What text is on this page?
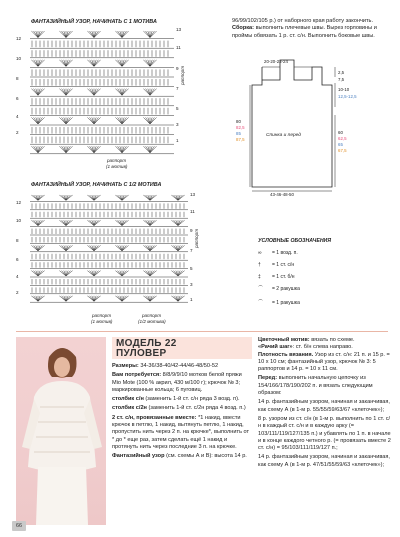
ФАНТАЗИЙНЫЙ УЗОР, НАЧИНАТЬ С 1 МОТИВА
13
11
9
7
5
3
1
12
10
8
6
4
2
раппорт
раппорт
(1 мотив)
ФАНТАЗИЙНЫЙ УЗОР, НАЧИНАТЬ С 1/2 МОТИВА
13
11
9
7
5
3
1
12
10
8
6
4
2
раппорт
раппорт
(1 мотив)
раппорт
(1/2 мотива)

96/99/102/105 р.) от наборного края работу закончить. Сборка: выполнить плечевые швы. Вырез горловины и проймы обвязать 1 р. ст. с/н. Выполнить боковые швы.

20-20-23-24
2,5
7,5
10-10
12,5-12,5
80
82,5
85
87,5
60
62,5
65
67,5
Спинка и перед
43-46-48-50
УСЛОВНЫЕ ОБОЗНАЧЕНИЯ
∞ = 1 возд. п.
† = 1 ст. с/н
‡ = 1 ст. б/н
⌒ = 2 ракушка
⌒ = 1 ракушка
МОДЕЛЬ 22
ПУЛОВЕР

Размеры: 34-36/38-40/42-44/46-48/50-52

Вам потребуется: 8/8/9/9/10 мотков белой пряжи Mio Mote (100 % акрил, 430 м/100 г); крючок № 3; маркированные кольца; 6 пуговиц.

столбик с/н (заменить 1-й ст. с/н ряда 3 возд. п).

столбик с/2н (заменить 1-й ст. с/2н ряда 4 возд. п.)

2 ст. с/н, провязанные вместе: *1 накид, ввести крючок в петлю, 1 накид, вытянуть петлю, 1 накид, пропустить нить через 2 п. на крючке*, выполнить от * до * еще раз, затем сделать ещё 1 накид и протянуть нить через последние 3 п. на крючке.

Фантазийный узор (см. схемы А и В): высота 14 р.

Цветочный мотив: вязать по схеме.
«Рачий шаг»: ст. б/н слева направо.
Плотность вязания. Узор из ст. с/н: 21 п. и 15 р. = 10 х 10 см; фантазийный узор, крючок № 3: 5 раппортов и 14 р. = 10 х 11 см.

Перед: выполнить начальную цепочку из 154/166/178/190/202 п. и вязать следующим образом:

14 р. фантазийным узором, начиная и заканчивая, как схему А (в 1-м р. 55/55/59/63/67 «клеточек»);

8 р. узором из ст. с/н (в 1-м р. выполнить по 1 ст. с/н в каждый ст. с/н и в каждую арку (= 103/111/119/127/135 п.) и убавлять по 1 п. в начале и в конце каждого четного р. (= провязать вместе 2 ст. с/н) = 95/103/111/119/127 п.;

14 р. фантазийным узором, начиная и заканчивая, как схему А (в 1-м р. 47/51/55/59/63 «клеточек»);

66
